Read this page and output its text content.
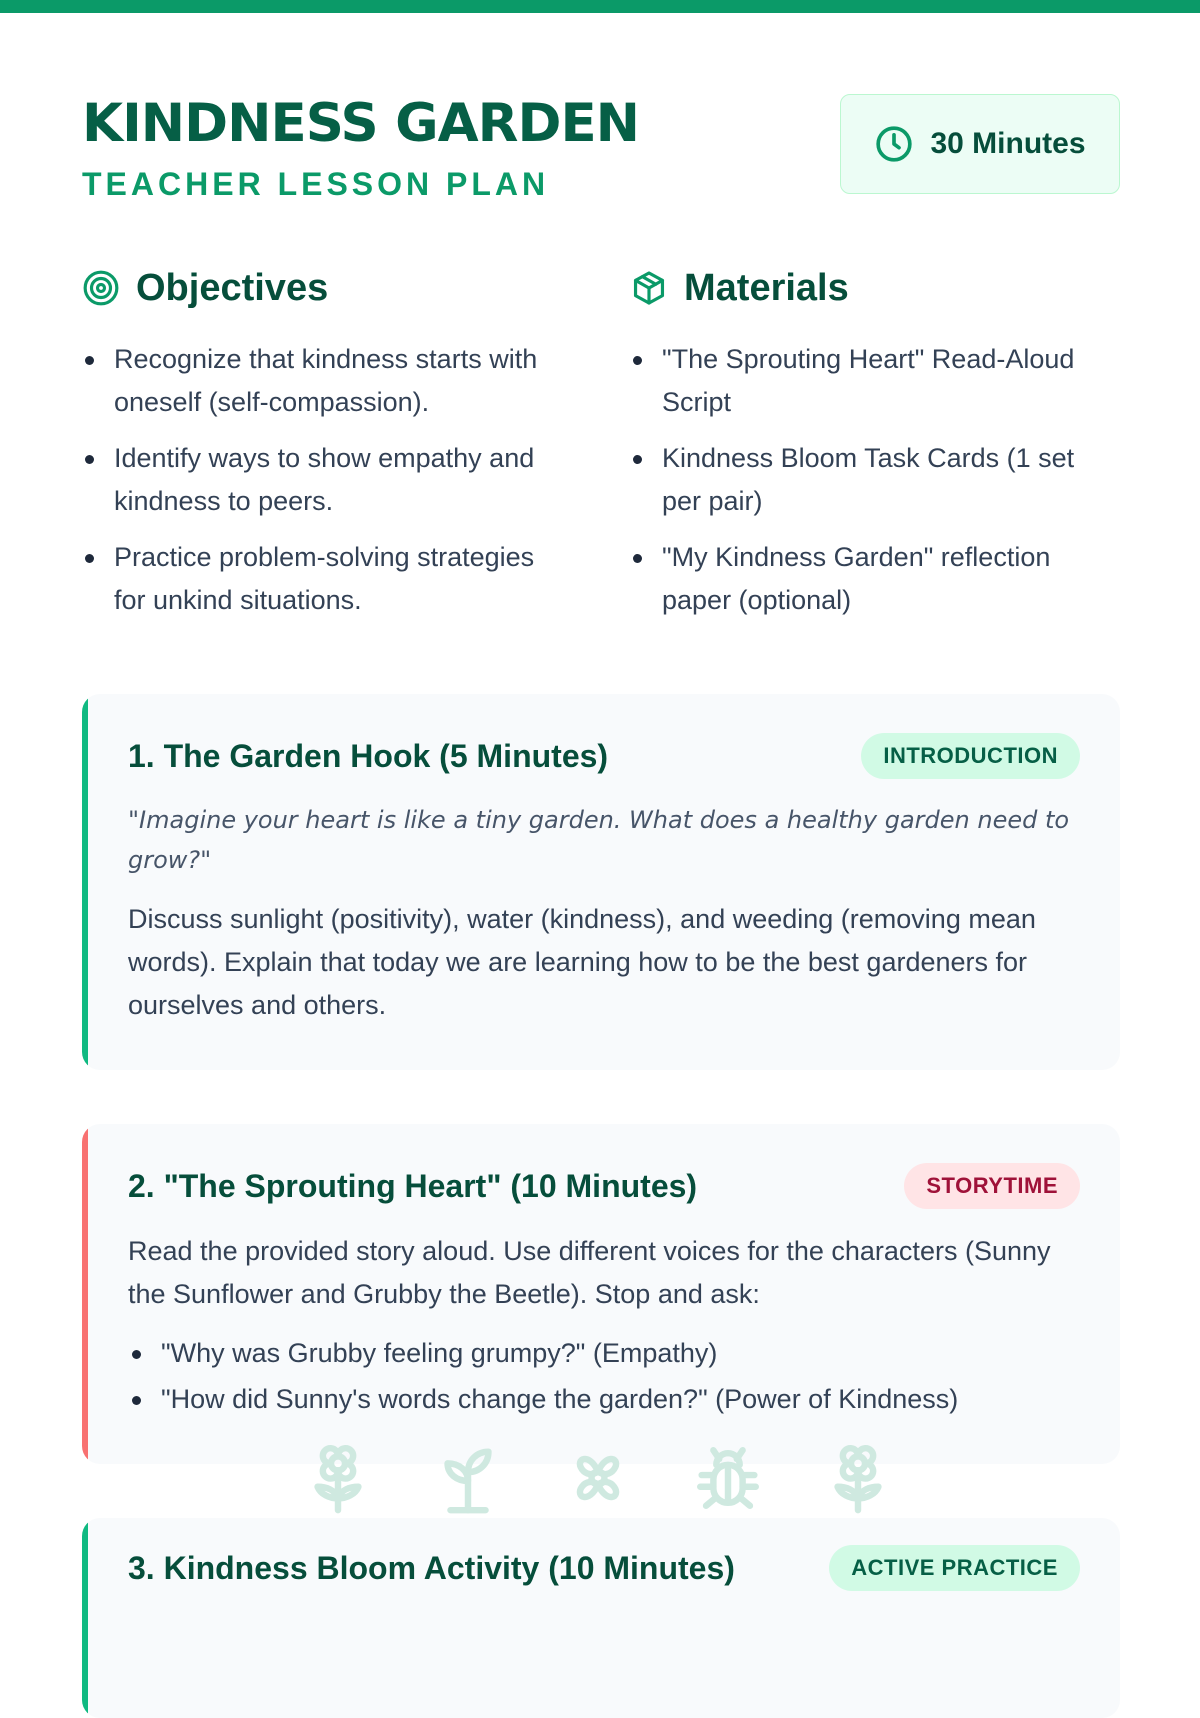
KINDNESS GARDEN
TEACHER LESSON PLAN
30 Minutes
Objectives
Recognize that kindness starts with oneself (self-compassion).
Identify ways to show empathy and kindness to peers.
Practice problem-solving strategies for unkind situations.
Materials
"The Sprouting Heart" Read-Aloud Script
Kindness Bloom Task Cards (1 set per pair)
"My Kindness Garden" reflection paper (optional)
1. The Garden Hook (5 Minutes)	INTRODUCTION

"Imagine your heart is like a tiny garden. What does a healthy garden need to grow?"

Discuss sunlight (positivity), water (kindness), and weeding (removing mean words). Explain that today we are learning how to be the best gardeners for ourselves and others.

2. "The Sprouting Heart" (10 Minutes)	STORYTIME

Read the provided story aloud. Use different voices for the characters (Sunny the Sunflower and Grubby the Beetle). Stop and ask:

"Why was Grubby feeling grumpy?" (Empathy)
"How did Sunny's words change the garden?" (Power of Kindness)
3. Kindness Bloom Activity (10 Minutes)	ACTIVE PRACTICE
